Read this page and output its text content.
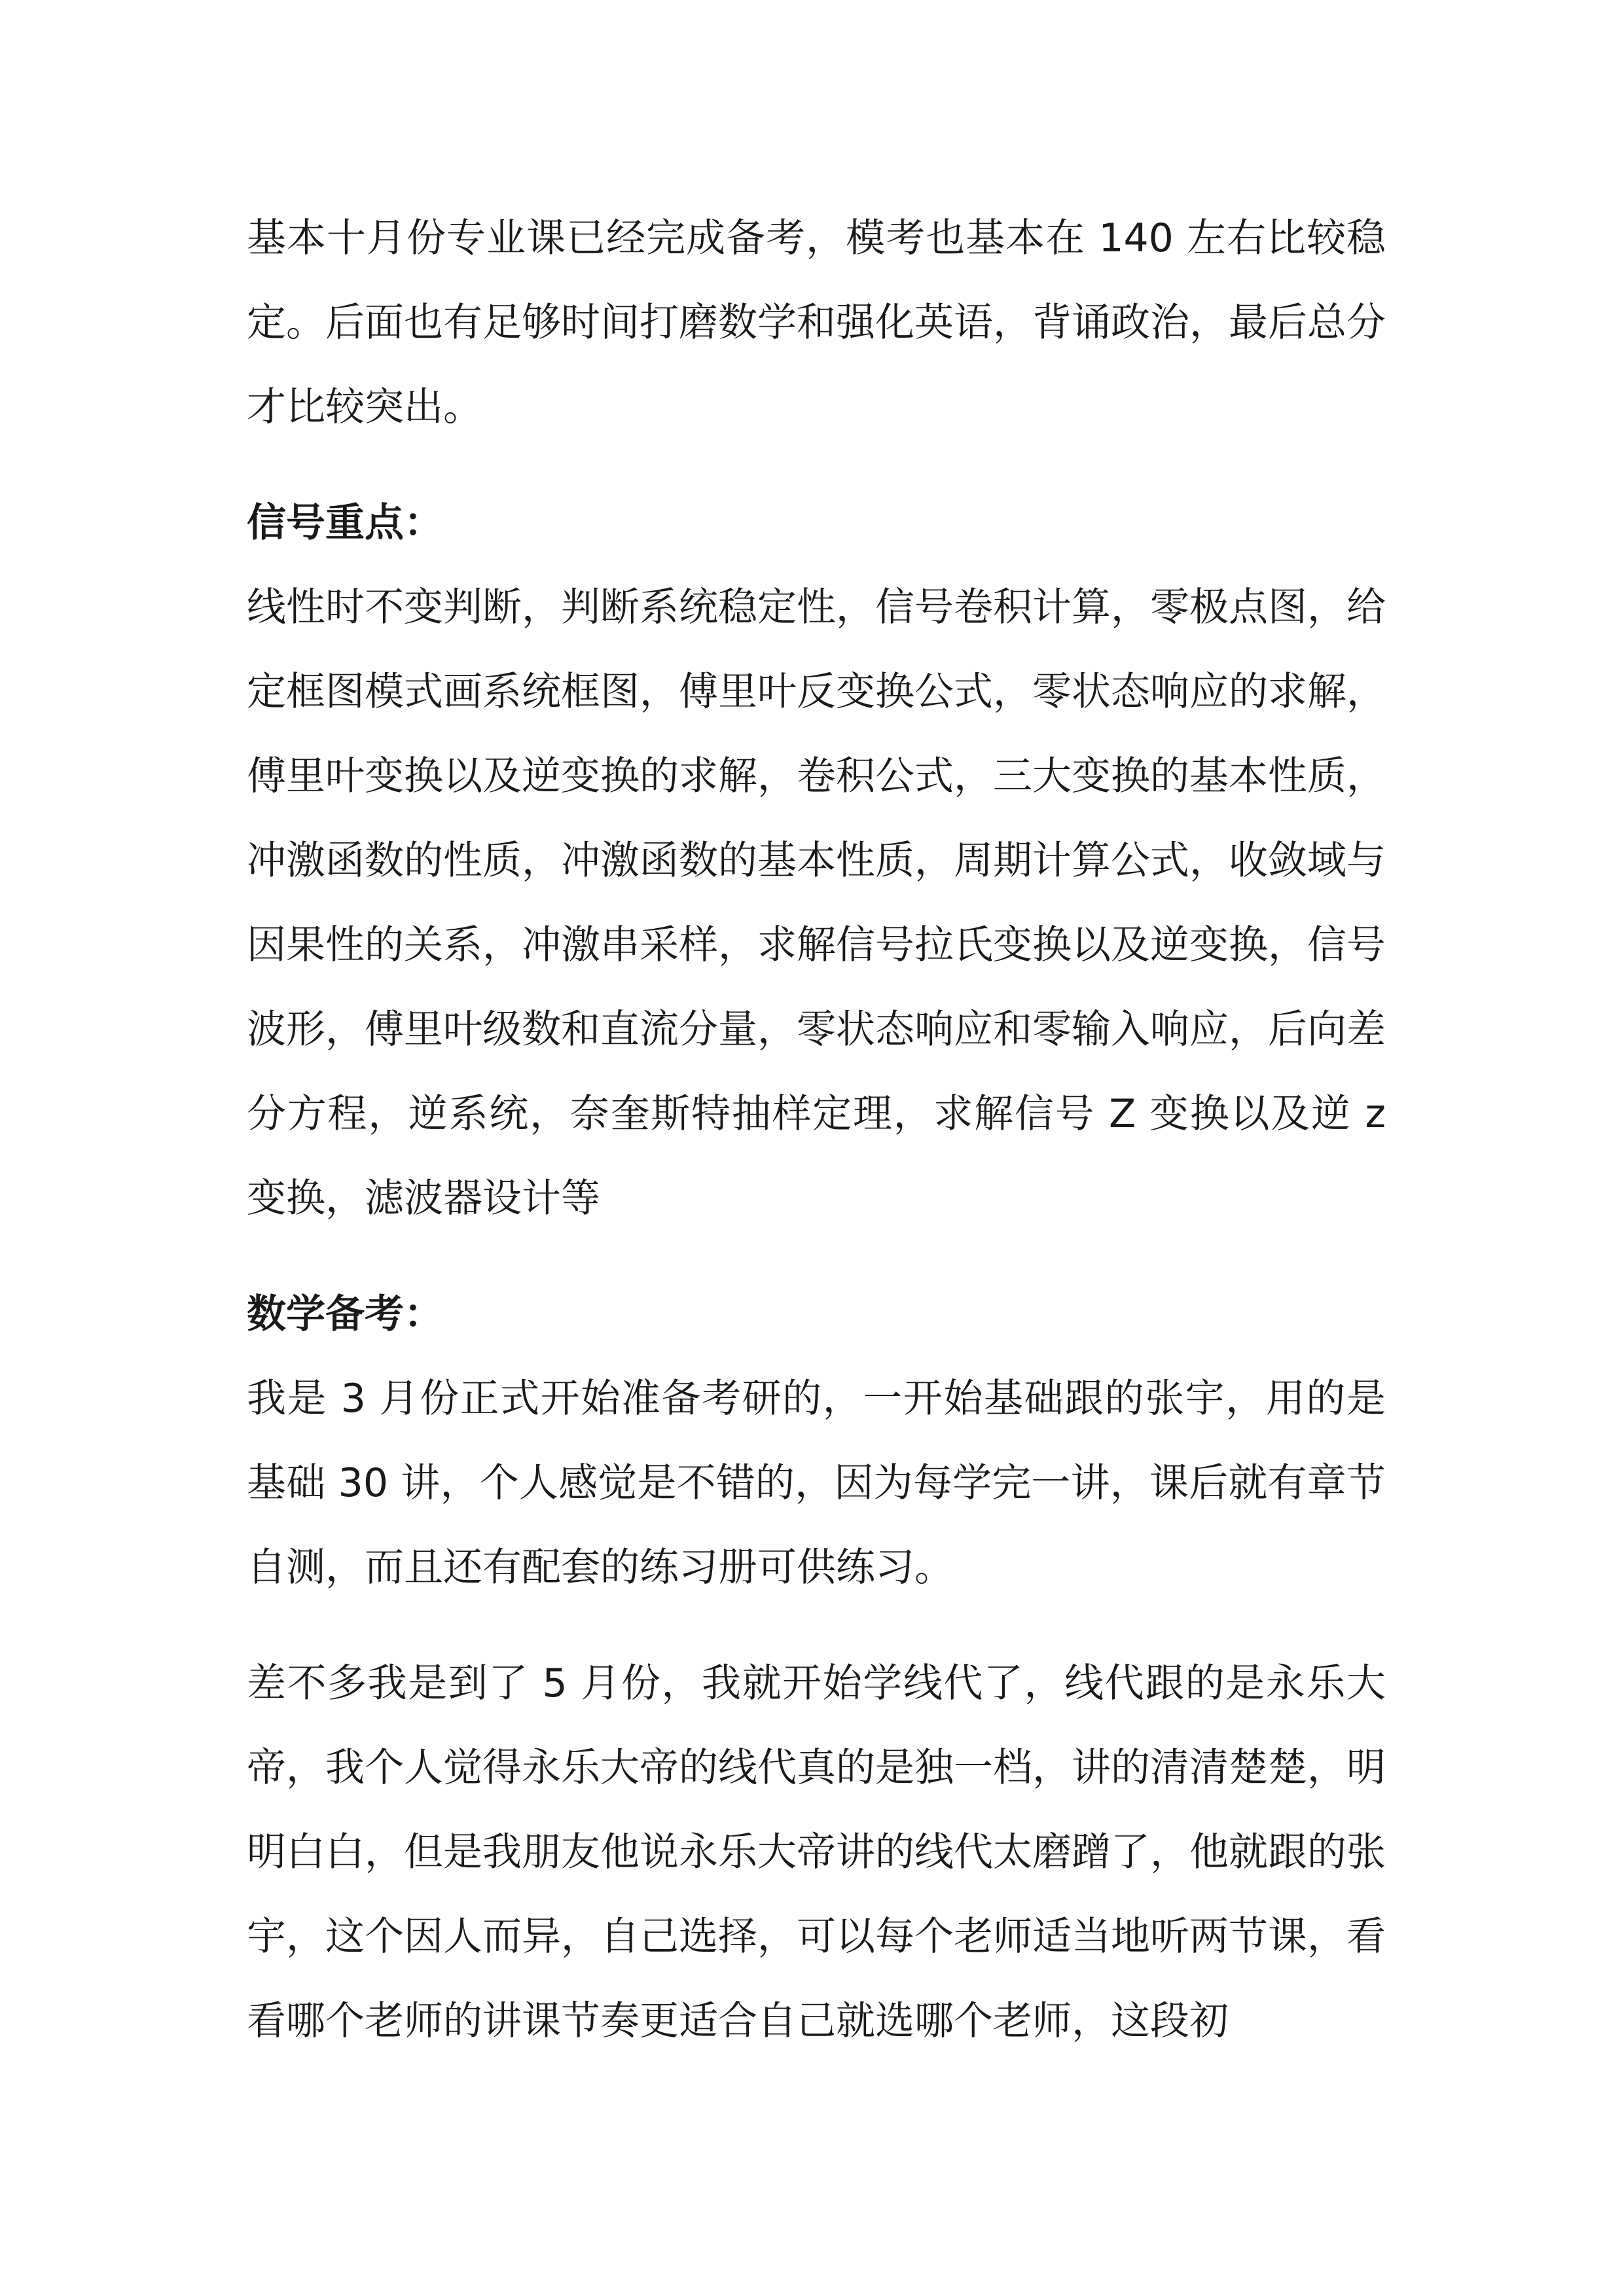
基本十月份专业课已经完成备考，模考也基本在 140 左右比较稳定。后面也有足够时间打磨数学和强化英语，背诵政治，最后总分才比较突出。

信号重点：

线性时不变判断，判断系统稳定性，信号卷积计算，零极点图，给定框图模式画系统框图，傅里叶反变换公式，零状态响应的求解，傅里叶变换以及逆变换的求解，卷积公式，三大变换的基本性质，冲激函数的性质，冲激函数的基本性质，周期计算公式，收敛域与因果性的关系，冲激串采样，求解信号拉氏变换以及逆变换，信号波形，傅里叶级数和直流分量，零状态响应和零输入响应，后向差分方程，逆系统，奈奎斯特抽样定理，求解信号 Z 变换以及逆 z 变换，滤波器设计等

数学备考：

我是 3 月份正式开始准备考研的，一开始基础跟的张宇，用的是基础 30 讲，个人感觉是不错的，因为每学完一讲，课后就有章节自测，而且还有配套的练习册可供练习。

差不多我是到了 5 月份，我就开始学线代了，线代跟的是永乐大帝，我个人觉得永乐大帝的线代真的是独一档，讲的清清楚楚，明明白白，但是我朋友他说永乐大帝讲的线代太磨蹭了，他就跟的张宇，这个因人而异，自己选择，可以每个老师适当地听两节课，看看哪个老师的讲课节奏更适合自己就选哪个老师，这段初
